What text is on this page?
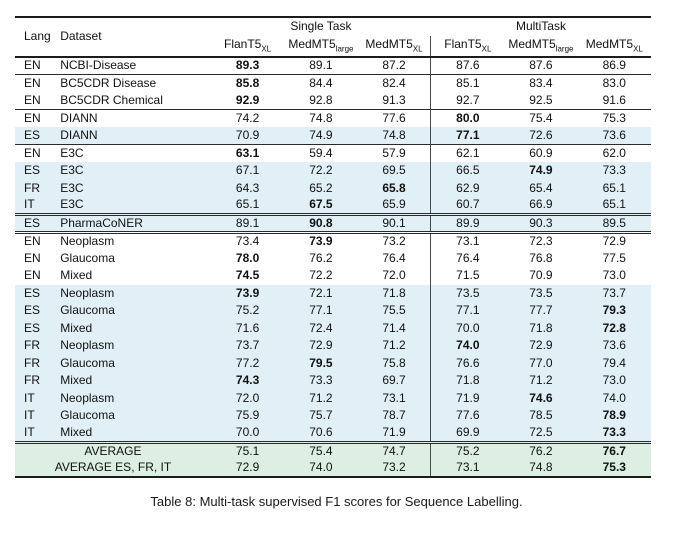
Lang	Dataset	Single Task			MultiTask		
		$FlanT5_{XL}$	$MedMT5_{large}$	$MedMT5_{XL}$	$FlanT5_{XL}$	$MedMT5_{large}$	$MedMT5_{XL}$
EN	NCBI-Disease	89.3	89.1	87.2	87.6	87.6	86.9
EN	BC5CDR Disease	85.8	84.4	82.4	85.1	83.4	83.0
EN	BC5CDR Chemical	92.9	92.8	91.3	92.7	92.5	91.6
EN	DIANN	74.2	74.8	77.6	80.0	75.4	75.3
ES	DIANN	70.9	74.9	74.8	77.1	72.6	73.6
EN	E3C	63.1	59.4	57.9	62.1	60.9	62.0
ES	E3C	67.1	72.2	69.5	66.5	74.9	73.3
FR	E3C	64.3	65.2	65.8	62.9	65.4	65.1
IT	E3C	65.1	67.5	65.9	60.7	66.9	65.1
ES	PharmaCoNER	89.1	90.8	90.1	89.9	90.3	89.5
EN	Neoplasm	73.4	73.9	73.2	73.1	72.3	72.9
EN	Glaucoma	78.0	76.2	76.4	76.4	76.8	77.5
EN	Mixed	74.5	72.2	72.0	71.5	70.9	73.0
ES	Neoplasm	73.9	72.1	71.8	73.5	73.5	73.7
ES	Glaucoma	75.2	77.1	75.5	77.1	77.7	79.3
ES	Mixed	71.6	72.4	71.4	70.0	71.8	72.8
FR	Neoplasm	73.7	72.9	71.2	74.0	72.9	73.6
FR	Glaucoma	77.2	79.5	75.8	76.6	77.0	79.4
FR	Mixed	74.3	73.3	69.7	71.8	71.2	73.0
IT	Neoplasm	72.0	71.2	73.1	71.9	74.6	74.0
IT	Glaucoma	75.9	75.7	78.7	77.6	78.5	78.9
IT	Mixed	70.0	70.6	71.9	69.9	72.5	73.3
AVERAGE		75.1	75.4	74.7	75.2	76.2	76.7
AVERAGE ES, FR, IT		72.9	74.0	73.2	73.1	74.8	75.3
Table 8: Multi-task supervised F1 scores for Sequence Labelling.
